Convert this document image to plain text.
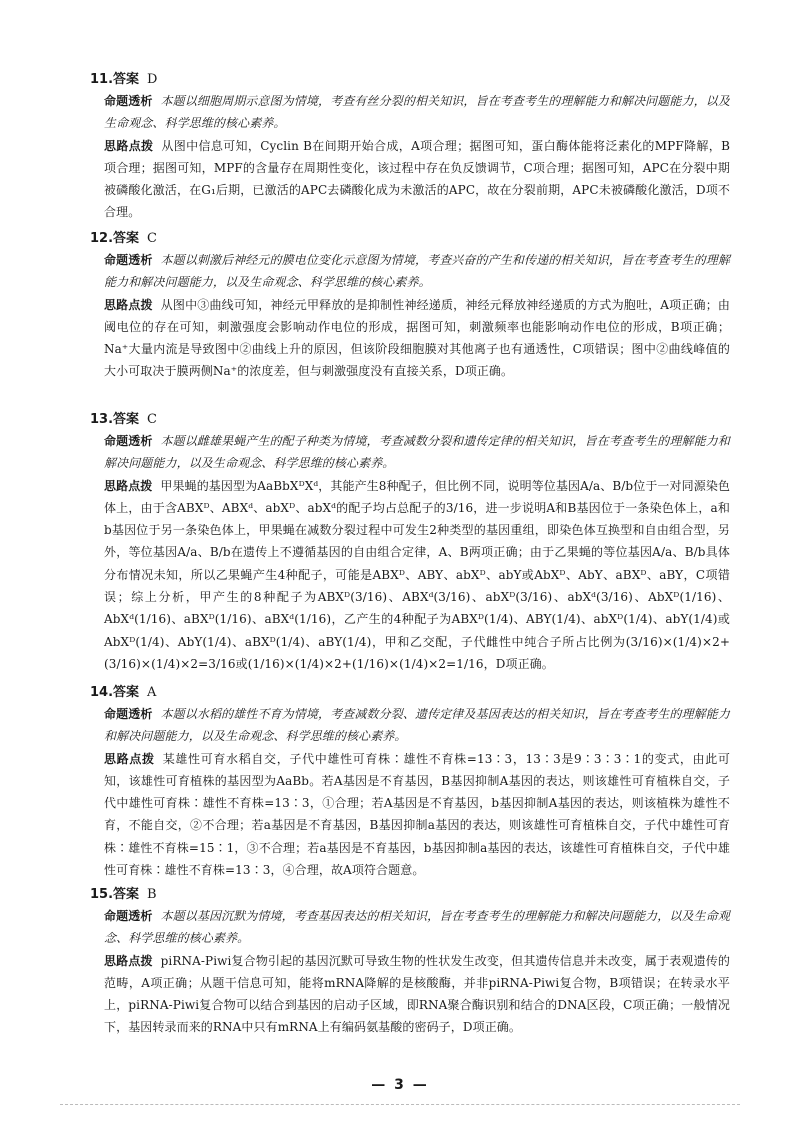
11.答案 D
命题透析 本题以细胞周期示意图为情境，考查有丝分裂的相关知识，旨在考查考生的理解能力和解决问题能力，以及生命观念、科学思维的核心素养。
思路点拨 从图中信息可知，Cyclin B在间期开始合成，A项合理；据图可知，蛋白酶体能将泛素化的MPF降解，B项合理；据图可知，MPF的含量存在周期性变化，该过程中存在负反馈调节，C项合理；据图可知，APC在分裂中期被磷酸化激活，在G₁后期，已激活的APC去磷酸化成为未激活的APC，故在分裂前期，APC未被磷酸化激活，D项不合理。
12.答案 C
命题透析 本题以刺激后神经元的膜电位变化示意图为情境，考查兴奋的产生和传递的相关知识，旨在考查考生的理解能力和解决问题能力，以及生命观念、科学思维的核心素养。
思路点拨 从图中③曲线可知，神经元甲释放的是抑制性神经递质，神经元释放神经递质的方式为胞吐，A项正确；由阈电位的存在可知，刺激强度会影响动作电位的形成，据图可知，刺激频率也能影响动作电位的形成，B项正确；Na⁺大量内流是导致图中②曲线上升的原因，但该阶段细胞膜对其他离子也有通透性，C项错误；图中②曲线峰值的大小可取决于膜两侧Na⁺的浓度差，但与刺激强度没有直接关系，D项正确。
13.答案 C
命题透析 本题以雌雄果蝇产生的配子种类为情境，考查减数分裂和遗传定律的相关知识，旨在考查考生的理解能力和解决问题能力，以及生命观念、科学思维的核心素养。
思路点拨 甲果蝇的基因型为AaBbXᴰXᵈ，其能产生8种配子，但比例不同，说明等位基因A/a、B/b位于一对同源染色体上，由于含ABXᴰ、ABXᵈ、abXᴰ、abXᵈ的配子均占总配子的3/16，进一步说明A和B基因位于一条染色体上，a和b基因位于另一条染色体上，甲果蝇在减数分裂过程中可发生2种类型的基因重组，即染色体互换型和自由组合型，另外，等位基因A/a、B/b在遗传上不遵循基因的自由组合定律，A、B两项正确；由于乙果蝇的等位基因A/a、B/b具体分布情况未知，所以乙果蝇产生4种配子，可能是ABXᴰ、ABY、abXᴰ、abY或AbXᴰ、AbY、aBXᴰ、aBY，C项错误；综上分析，甲产生的8种配子为ABXᴰ(3/16)、ABXᵈ(3/16)、abXᴰ(3/16)、abXᵈ(3/16)、AbXᴰ(1/16)、AbXᵈ(1/16)、aBXᴰ(1/16)、aBXᵈ(1/16)，乙产生的4种配子为ABXᴰ(1/4)、ABY(1/4)、abXᴰ(1/4)、abY(1/4)或AbXᴰ(1/4)、AbY(1/4)、aBXᴰ(1/4)、aBY(1/4)，甲和乙交配，子代雌性中纯合子所占比例为(3/16)×(1/4)×2+(3/16)×(1/4)×2=3/16或(1/16)×(1/4)×2+(1/16)×(1/4)×2=1/16，D项正确。
14.答案 A
命题透析 本题以水稻的雄性不育为情境，考查减数分裂、遗传定律及基因表达的相关知识，旨在考查考生的理解能力和解决问题能力，以及生命观念、科学思维的核心素养。
思路点拨 某雄性可育水稻自交，子代中雄性可育株∶雄性不育株=13∶3，13∶3是9∶3∶3∶1的变式，由此可知，该雄性可育植株的基因型为AaBb。若A基因是不育基因，B基因抑制A基因的表达，则该雄性可育植株自交，子代中雄性可育株∶雄性不育株=13∶3，①合理；若A基因是不育基因，b基因抑制A基因的表达，则该植株为雄性不育，不能自交，②不合理；若a基因是不育基因，B基因抑制a基因的表达，则该雄性可育植株自交，子代中雄性可育株∶雄性不育株=15∶1，③不合理；若a基因是不育基因，b基因抑制a基因的表达，该雄性可育植株自交，子代中雄性可育株∶雄性不育株=13∶3，④合理，故A项符合题意。
15.答案 B
命题透析 本题以基因沉默为情境，考查基因表达的相关知识，旨在考查考生的理解能力和解决问题能力，以及生命观念、科学思维的核心素养。
思路点拨 piRNA-Piwi复合物引起的基因沉默可导致生物的性状发生改变，但其遗传信息并未改变，属于表观遗传的范畴，A项正确；从题干信息可知，能将mRNA降解的是核酸酶，并非piRNA-Piwi复合物，B项错误；在转录水平上，piRNA-Piwi复合物可以结合到基因的启动子区域，即RNA聚合酶识别和结合的DNA区段，C项正确；一般情况下，基因转录而来的RNA中只有mRNA上有编码氨基酸的密码子，D项正确。
— 3 —
